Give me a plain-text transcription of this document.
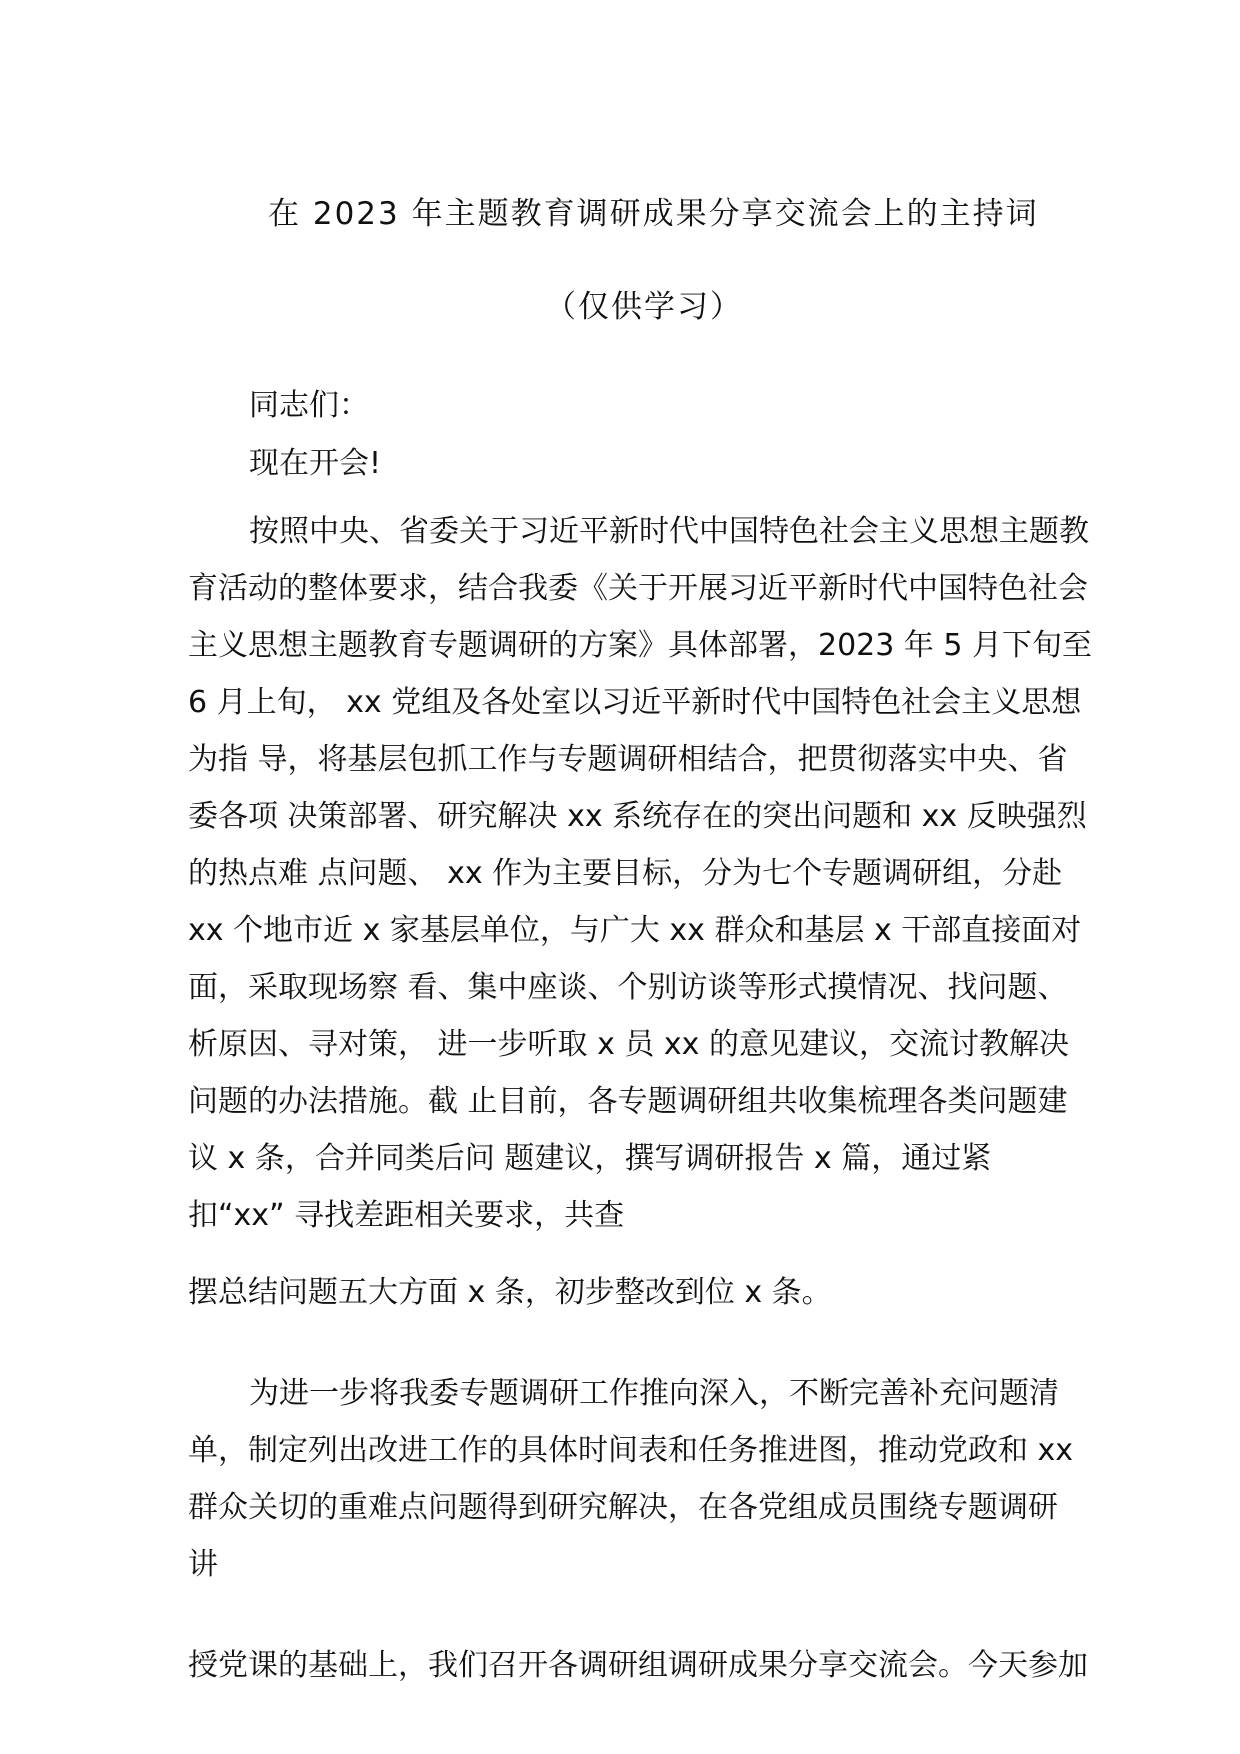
在 2023 年主题教育调研成果分享交流会上的主持词
（仅供学习）
同志们：
现在开会!
按照中央、省委关于习近平新时代中国特色社会主义思想主题教
育活动的整体要求，结合我委《关于开展习近平新时代中国特色社会
主义思想主题教育专题调研的方案》具体部署，2023 年 5 月下旬至
6 月上旬， xx 党组及各处室以习近平新时代中国特色社会主义思想
为指 导，将基层包抓工作与专题调研相结合，把贯彻落实中央、省
委各项 决策部署、研究解决 xx 系统存在的突出问题和 xx 反映强烈
的热点难 点问题、 xx 作为主要目标，分为七个专题调研组，分赴
xx 个地市近 x 家基层单位，与广大 xx 群众和基层 x 干部直接面对
面，采取现场察 看、集中座谈、个别访谈等形式摸情况、找问题、
析原因、寻对策， 进一步听取 x 员 xx 的意见建议，交流讨教解决
问题的办法措施。截 止目前，各专题调研组共收集梳理各类问题建
议 x 条，合并同类后问 题建议，撰写调研报告 x 篇，通过紧
扣“xx” 寻找差距相关要求，共查
摆总结问题五大方面 x 条，初步整改到位 x 条。
为进一步将我委专题调研工作推向深入，不断完善补充问题清
单，制定列出改进工作的具体时间表和任务推进图，推动党政和 xx
群众关切的重难点问题得到研究解决，在各党组成员围绕专题调研
讲
授党课的基础上，我们召开各调研组调研成果分享交流会。今天参加
